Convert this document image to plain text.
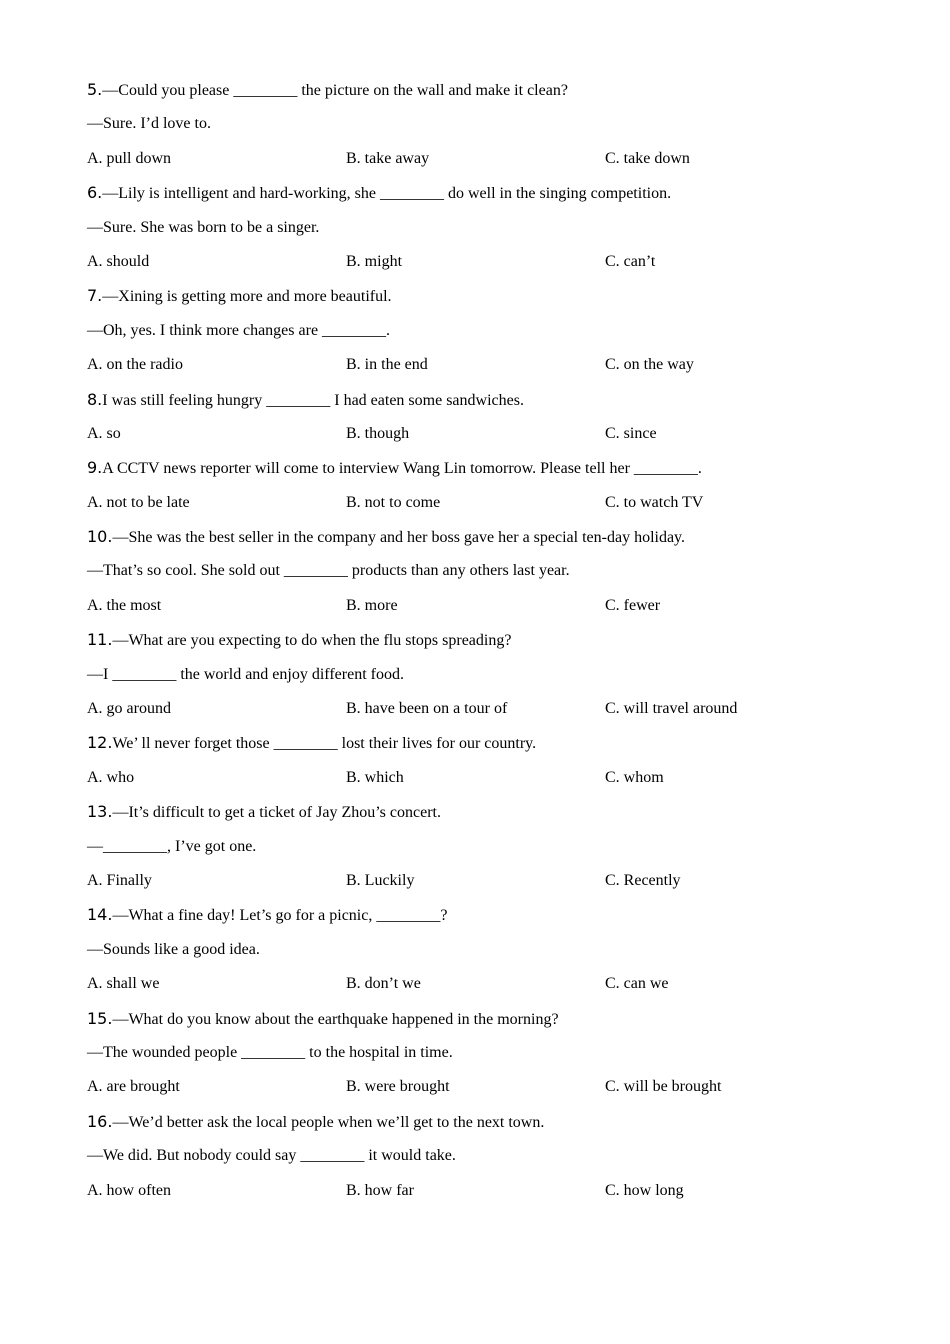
5.—Could you please ________ the picture on the wall and make it clean?
—Sure. I’d love to.
A. pull down	B. take away	C. take down
6.—Lily is intelligent and hard-working, she ________ do well in the singing competition.
—Sure. She was born to be a singer.
A. should	B. might	C. can’t
7.—Xining is getting more and more beautiful.
—Oh, yes. I think more changes are ________.
A. on the radio	B. in the end	C. on the way
8.I was still feeling hungry ________ I had eaten some sandwiches.
A. so	B. though	C. since
9.A CCTV news reporter will come to interview Wang Lin tomorrow. Please tell her ________.
A. not to be late	B. not to come	C. to watch TV
10.—She was the best seller in the company and her boss gave her a special ten-day holiday.
—That’s so cool. She sold out ________ products than any others last year.
A. the most	B. more	C. fewer
11.—What are you expecting to do when the flu stops spreading?
—I ________ the world and enjoy different food.
A. go around	B. have been on a tour of	C. will travel around
12.We’ ll never forget those ________ lost their lives for our country.
A. who	B. which	C. whom
13.—It’s difficult to get a ticket of Jay Zhou’s concert.
—________, I’ve got one.
A. Finally	B. Luckily	C. Recently
14.—What a fine day! Let’s go for a picnic, ________?
—Sounds like a good idea.
A. shall we	B. don’t we	C. can we
15.—What do you know about the earthquake happened in the morning?
—The wounded people ________ to the hospital in time.
A. are brought	B. were brought	C. will be brought
16.—We’d better ask the local people when we’ll get to the next town.
—We did. But nobody could say ________ it would take.
A. how often	B. how far	C. how long
